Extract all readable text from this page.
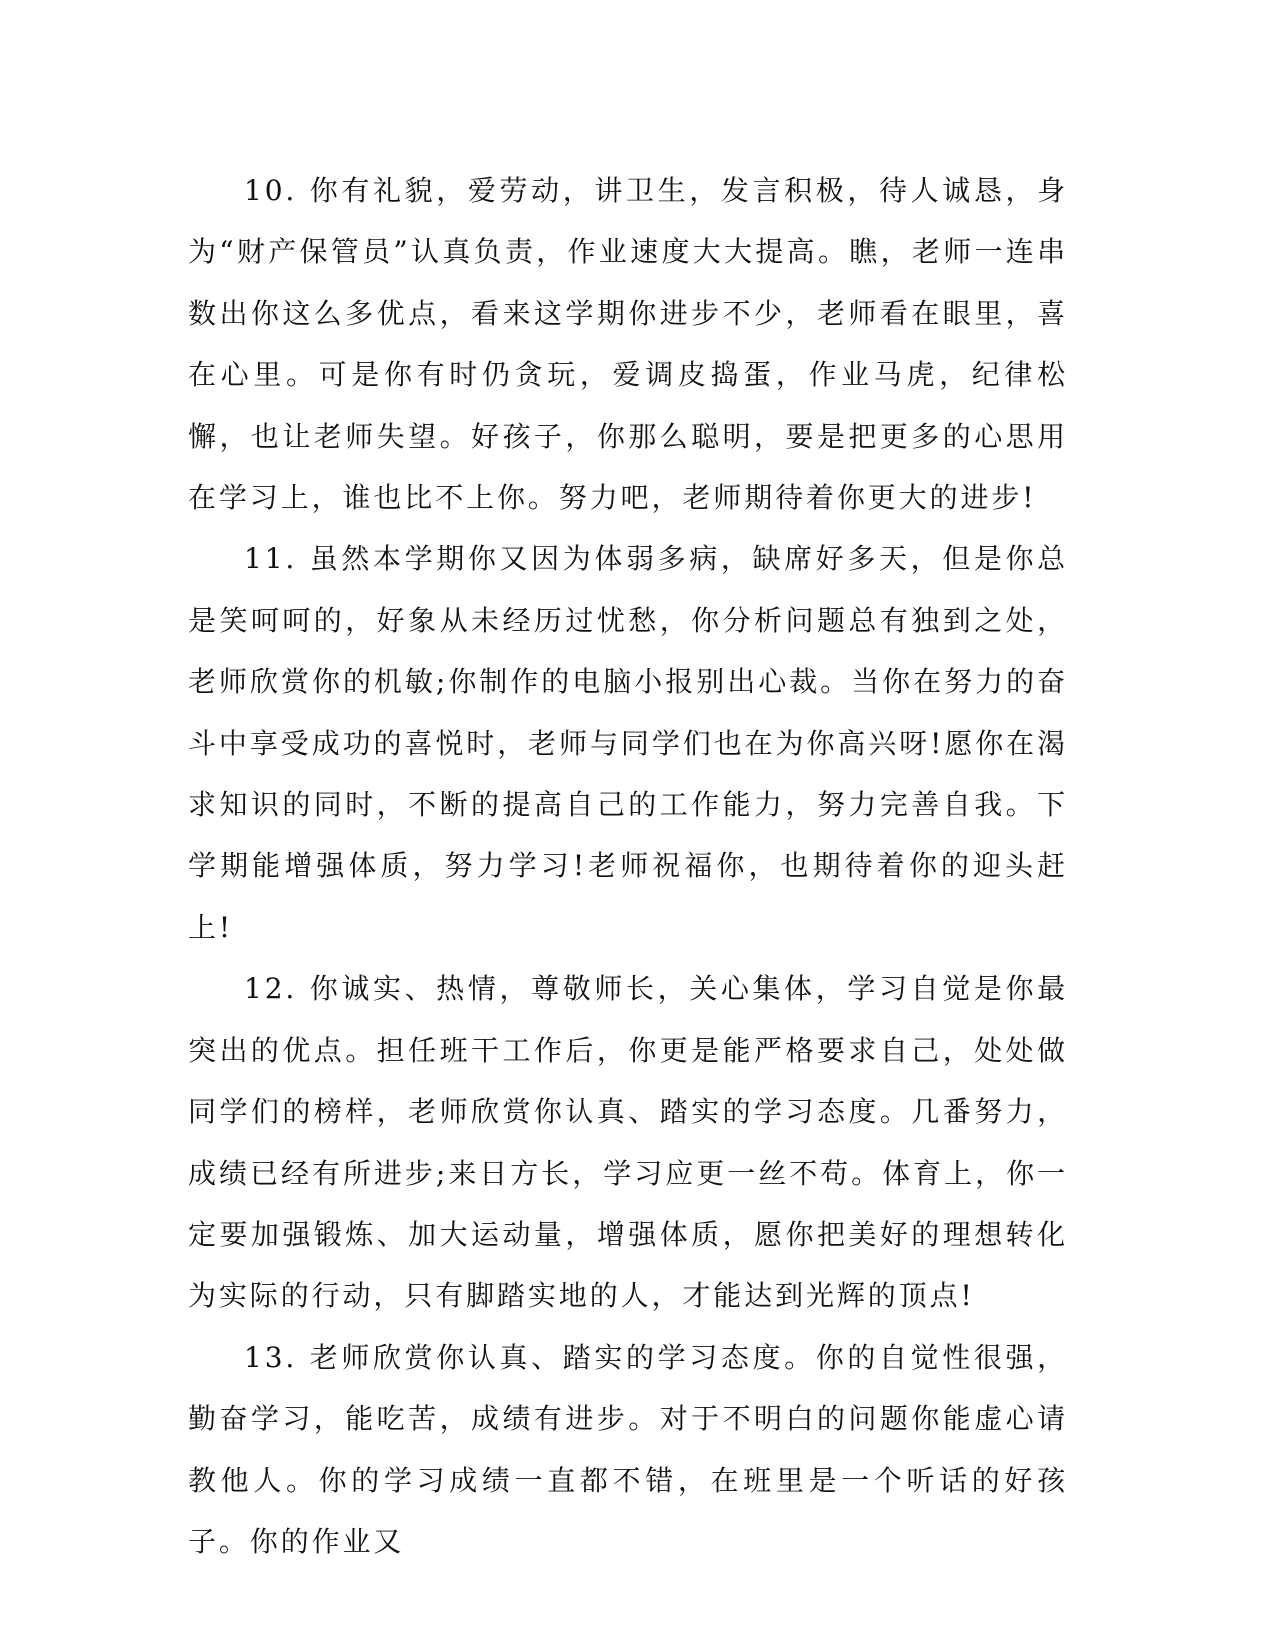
10. 你有礼貌，爱劳动，讲卫生，发言积极，待人诚恳，身为“财产保管员”认真负责，作业速度大大提高。瞧，老师一连串数出你这么多优点，看来这学期你进步不少，老师看在眼里，喜在心里。可是你有时仍贪玩，爱调皮捣蛋，作业马虎，纪律松懈，也让老师失望。好孩子，你那么聪明，要是把更多的心思用在学习上，谁也比不上你。努力吧，老师期待着你更大的进步!

11. 虽然本学期你又因为体弱多病，缺席好多天，但是你总是笑呵呵的，好象从未经历过忧愁，你分析问题总有独到之处，老师欣赏你的机敏;你制作的电脑小报别出心裁。当你在努力的奋斗中享受成功的喜悦时，老师与同学们也在为你高兴呀!愿你在渴求知识的同时，不断的提高自己的工作能力，努力完善自我。下学期能增强体质，努力学习!老师祝福你，也期待着你的迎头赶上!

12. 你诚实、热情，尊敬师长，关心集体，学习自觉是你最突出的优点。担任班干工作后，你更是能严格要求自己，处处做同学们的榜样，老师欣赏你认真、踏实的学习态度。几番努力，成绩已经有所进步;来日方长，学习应更一丝不苟。体育上，你一定要加强锻炼、加大运动量，增强体质，愿你把美好的理想转化为实际的行动，只有脚踏实地的人，才能达到光辉的顶点!

13. 老师欣赏你认真、踏实的学习态度。你的自觉性很强，勤奋学习，能吃苦，成绩有进步。对于不明白的问题你能虚心请教他人。你的学习成绩一直都不错，在班里是一个听话的好孩子。你的作业又
